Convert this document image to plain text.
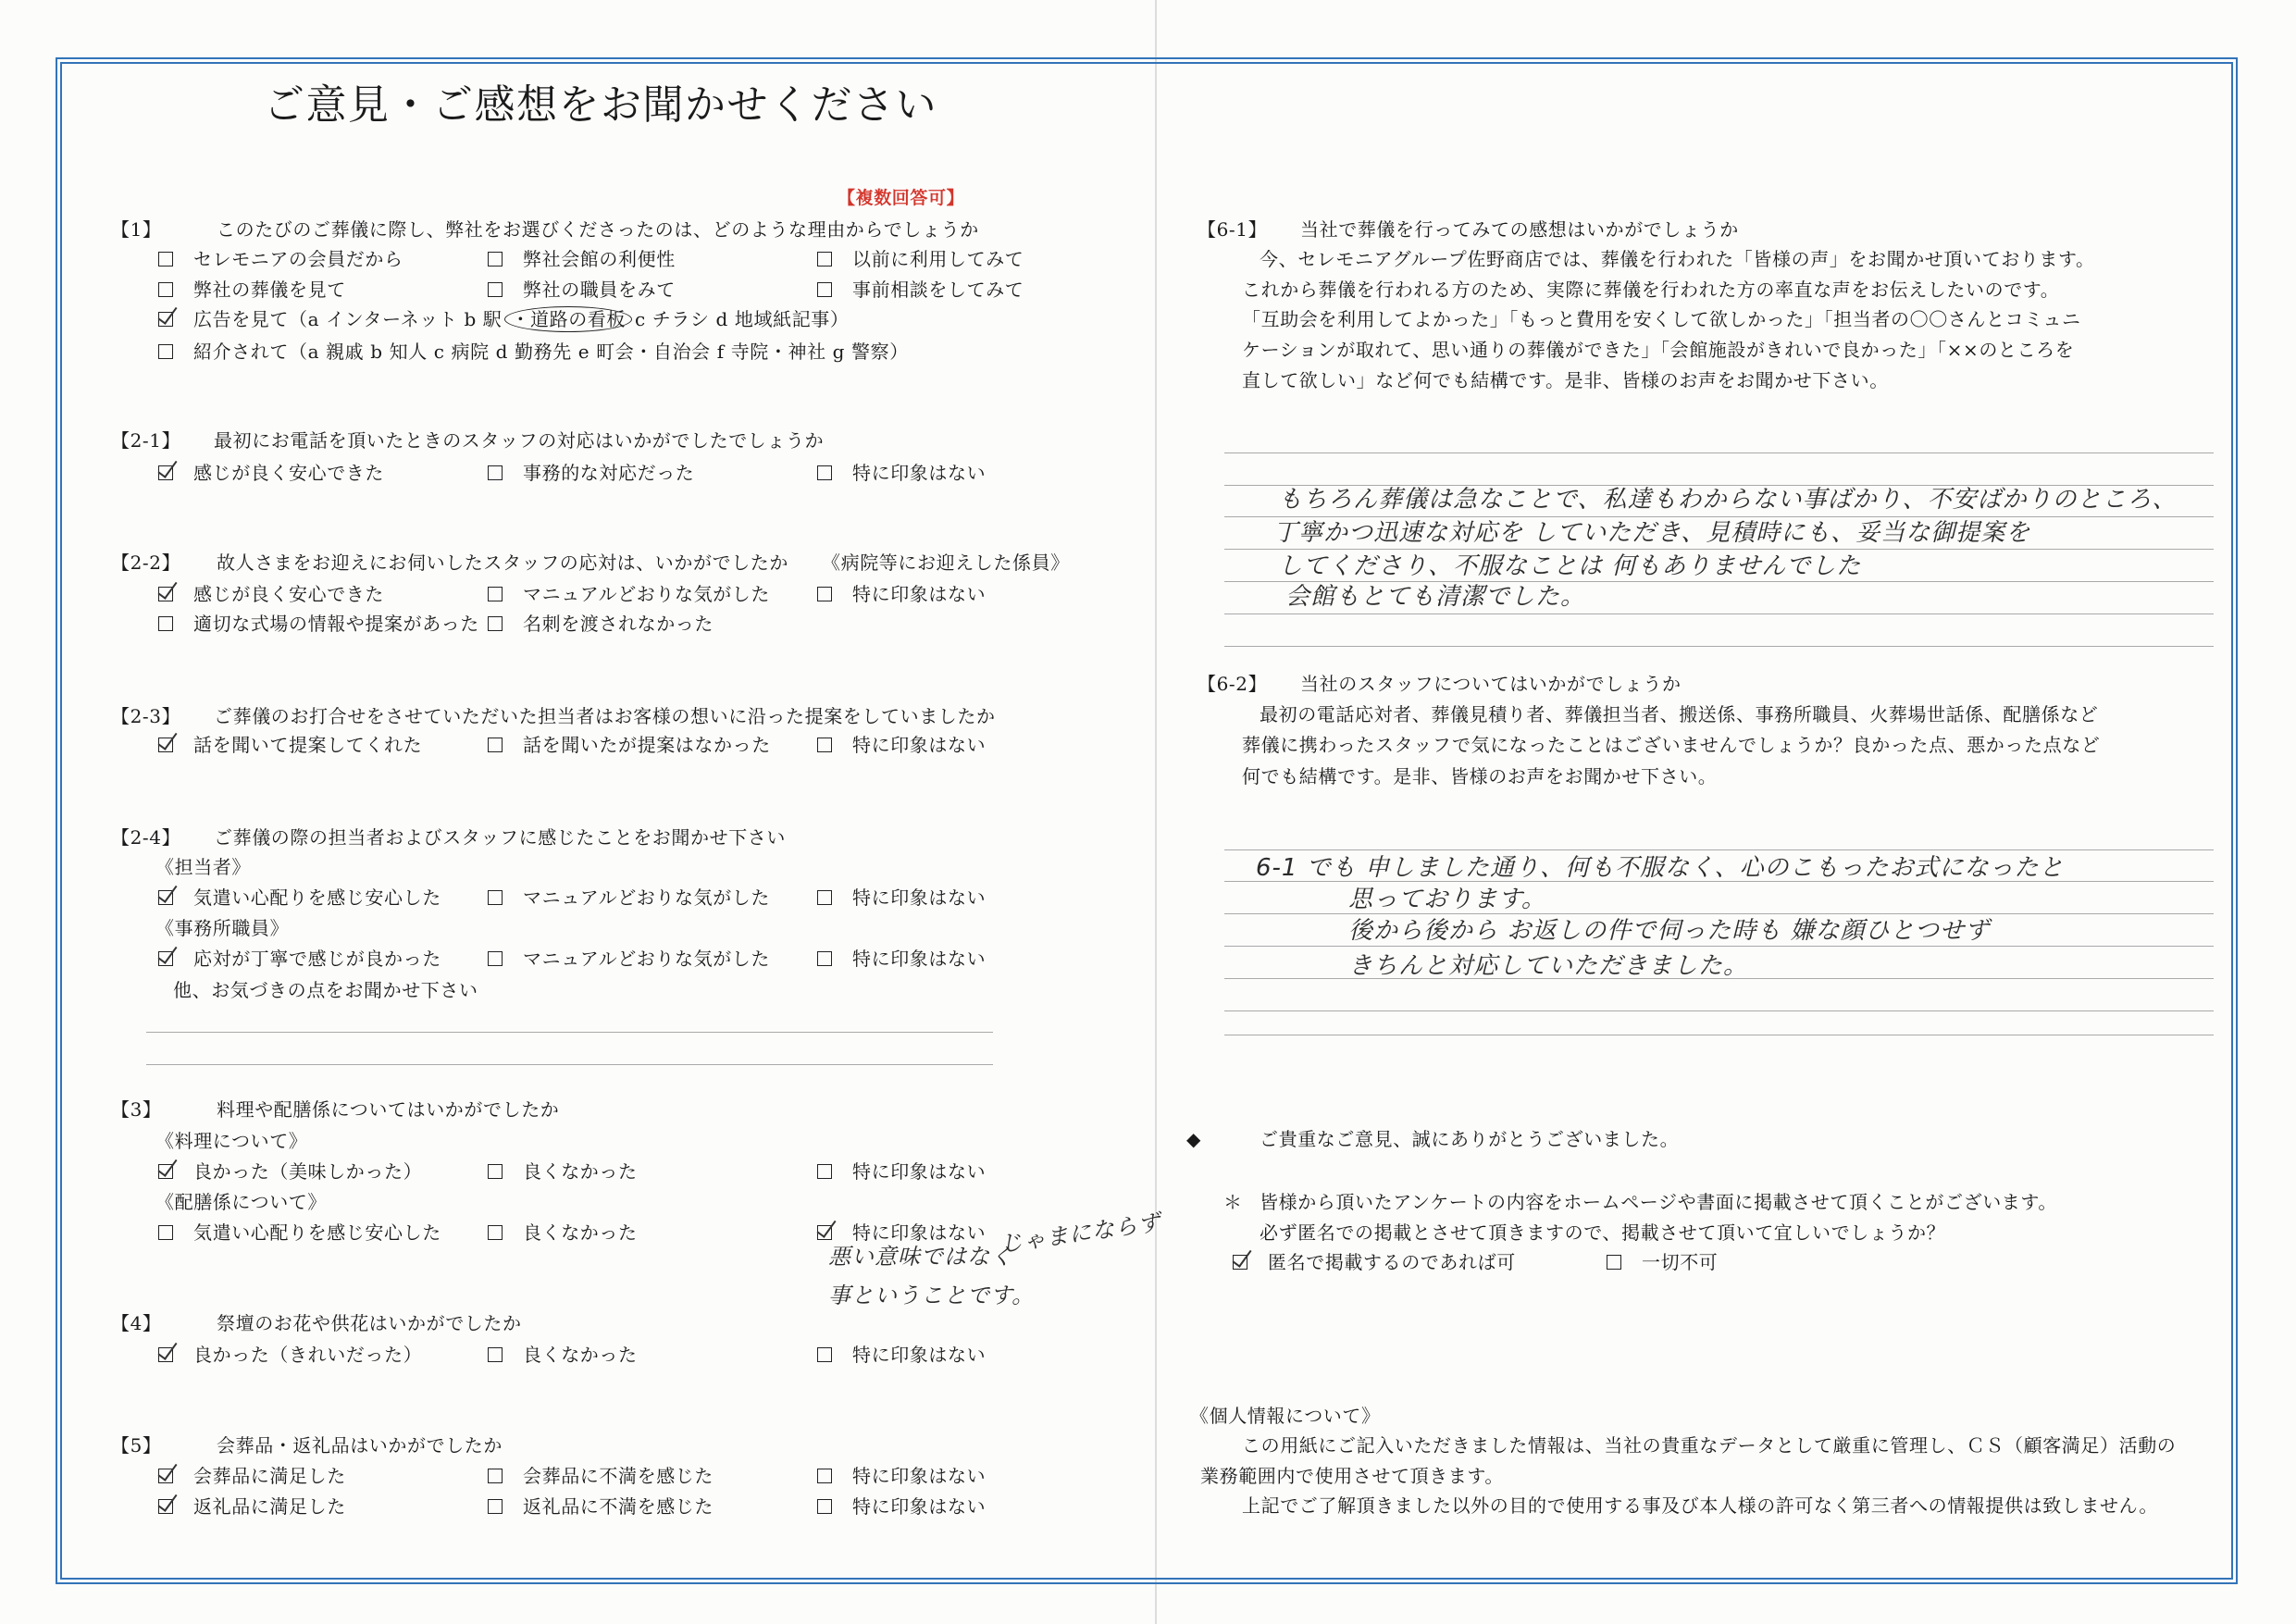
ご意見・ご感想をお聞かせください
【複数回答可】
【1】	このたびのご葬儀に際し、弊社をお選びくださったのは、どのような理由からでしょうか
セレモニアの会員だから	弊社会館の利便性	以前に利用してみて
弊社の葬儀を見て	弊社の職員をみて	事前相談をしてみて
広告を見て（a インターネット b 駅 ・道路の看板 c チラシ d 地域紙記事）
紹介されて（a 親戚 b 知人 c 病院 d 勤務先 e 町会・自治会 f 寺院・神社 g 警察）
【2-1】 最初にお電話を頂いたときのスタッフの対応はいかがでしたでしょうか
感じが良く安心できた	事務的な対応だった	特に印象はない
【2-2】 故人さまをお迎えにお伺いしたスタッフの応対は、いかがでしたか 《病院等にお迎えした係員》
感じが良く安心できた	マニュアルどおりな気がした	特に印象はない
適切な式場の情報や提案があった	名刺を渡されなかった
【2-3】 ご葬儀のお打合せをさせていただいた担当者はお客様の想いに沿った提案をしていましたか
話を聞いて提案してくれた	話を聞いたが提案はなかった	特に印象はない
【2-4】 ご葬儀の際の担当者およびスタッフに感じたことをお聞かせ下さい
《担当者》
気遣い心配りを感じ安心した	マニュアルどおりな気がした	特に印象はない
《事務所職員》
応対が丁寧で感じが良かった	マニュアルどおりな気がした	特に印象はない
他、お気づきの点をお聞かせ下さい
【3】	料理や配膳係についてはいかがでしたか
《料理について》
良かった（美味しかった）	良くなかった	特に印象はない
《配膳係について》
気遣い心配りを感じ安心した	良くなかった	特に印象はない
悪い意味ではなく
じゃまにならず
事ということです。
【4】	祭壇のお花や供花はいかがでしたか
良かった（きれいだった）	良くなかった	特に印象はない
【5】	会葬品・返礼品はいかがでしたか
会葬品に満足した	会葬品に不満を感じた	特に印象はない
返礼品に満足した	返礼品に不満を感じた	特に印象はない
【6-1】 当社で葬儀を行ってみての感想はいかがでしょうか
今、セレモニアグループ佐野商店では、葬儀を行われた「皆様の声」をお聞かせ頂いております。
これから葬儀を行われる方のため、実際に葬儀を行われた方の率直な声をお伝えしたいのです。
「互助会を利用してよかった」「もっと費用を安くして欲しかった」「担当者の〇〇さんとコミュニ
ケーションが取れて、思い通りの葬儀ができた」「会館施設がきれいで良かった」「××のところを
直して欲しい」など何でも結構です。是非、皆様のお声をお聞かせ下さい。
もちろん葬儀は急なことで、私達もわからない事ばかり、不安ばかりのところ、
丁寧かつ迅速な対応を していただき、見積時にも、妥当な御提案を
してくださり、不服なことは 何もありませんでした
会館もとても清潔でした。
【6-2】 当社のスタッフについてはいかがでしょうか
最初の電話応対者、葬儀見積り者、葬儀担当者、搬送係、事務所職員、火葬場世話係、配膳係など
葬儀に携わったスタッフで気になったことはございませんでしょうか？良かった点、悪かった点など
何でも結構です。是非、皆様のお声をお聞かせ下さい。
6-1 でも 申しました通り、何も不服なく、心のこもったお式になったと
思っております。
後から後から お返しの件で伺った時も 嫌な顔ひとつせず
きちんと対応していただきました。
◆	ご貴重なご意見、誠にありがとうございました。
＊ 皆様から頂いたアンケートの内容をホームページや書面に掲載させて頂くことがございます。
必ず匿名での掲載とさせて頂きますので、掲載させて頂いて宜しいでしょうか？
匿名で掲載するのであれば可	一切不可
《個人情報について》
この用紙にご記入いただきました情報は、当社の貴重なデータとして厳重に管理し、ＣＳ（顧客満足）活動の
業務範囲内で使用させて頂きます。
上記でご了解頂きました以外の目的で使用する事及び本人様の許可なく第三者への情報提供は致しません。
